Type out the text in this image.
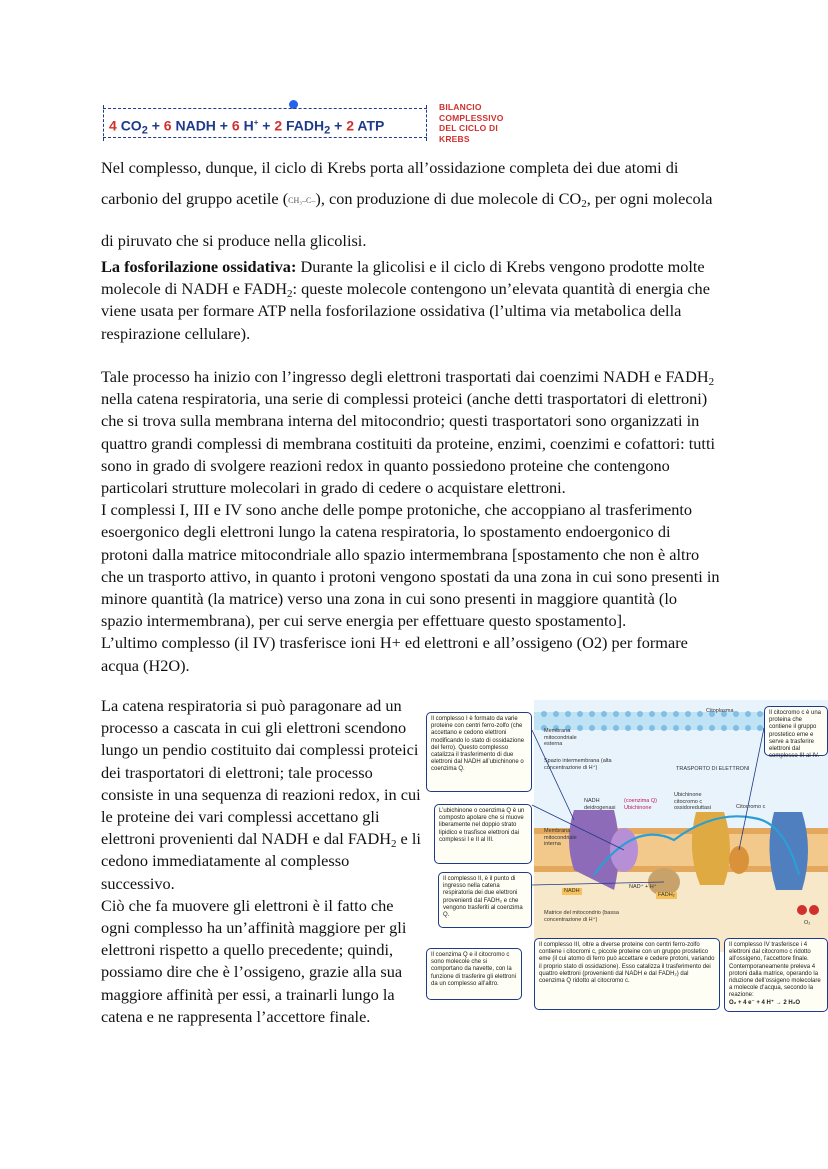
4 $CO_2 + 6$ NADH + 6 H+ + 2 $FADH_2 + 2$ ATP
BILANCIO COMPLESSIVO DEL CICLO DI KREBS

Nel complesso, dunque, il ciclo di Krebs porta all’ossidazione completa dei due atomi di
carbonio del gruppo acetile (CH₃–C–), con produzione di due molecole di $CO_2$, per ogni molecola di piruvato che si produce nella glicolisi.

La fosforilazione ossidativa: Durante la glicolisi e il ciclo di Krebs vengono prodotte molte molecole di NADH e $FADH_2$: queste molecole contengono un’elevata quantità di energia che viene usata per formare ATP nella fosforilazione ossidativa (l’ultima via metabolica della respirazione cellulare).

Tale processo ha inizio con l’ingresso degli elettroni trasportati dai coenzimi NADH e $FADH_2$ nella catena respiratoria, una serie di complessi proteici (anche detti trasportatori di elettroni) che si trova sulla membrana interna del mitocondrio; questi trasportatori sono organizzati in quattro grandi complessi di membrana costituiti da proteine, enzimi, coenzimi e cofattori: tutti sono in grado di svolgere reazioni redox in quanto possiedono proteine che contengono particolari strutture molecolari in grado di cedere o acquistare elettroni.
I complessi I, III e IV sono anche delle pompe protoniche, che accoppiano al trasferimento esoergonico degli elettroni lungo la catena respiratoria, lo spostamento endoergonico di protoni dalla matrice mitocondriale allo spazio intermembrana [spostamento che non è altro che un trasporto attivo, in quanto i protoni vengono spostati da una zona in cui sono presenti in minore quantità (la matrice) verso una zona in cui sono presenti in maggiore quantità (lo spazio intermembrana), per cui serve energia per effettuare questo spostamento].
L’ultimo complesso (il IV) trasferisce ioni H+ ed elettroni e all’ossigeno (O2) per formare acqua (H2O).

La catena respiratoria si può paragonare ad un processo a cascata in cui gli elettroni scendono lungo un pendio costituito dai complessi proteici dei trasportatori di elettroni; tale processo consiste in una sequenza di reazioni redox, in cui le proteine dei vari complessi accettano gli elettroni provenienti dal NADH e dal $FADH_2$ e li cedono immediatamente al complesso successivo.
Ciò che fa muovere gli elettroni è il fatto che ogni complesso ha un’affinità maggiore per gli elettroni rispetto a quello precedente; quindi, possiamo dire che è l’ossigeno, grazie alla sua maggiore affinità per essi, a trainarli lungo la catena e ne rappresenta l’accettore finale.
Citoplasma
Membrana mitocondriale esterna
Spazio intermembrana (alta concentrazione di H⁺)	TRASPORTO DI ELETTRONI
Membrana mitocondriale interna
Matrice del mitocondrio (bassa concentrazione di H⁺)
NADH
NAD⁺ + H⁺
FADH₂
(coenzima Q) Ubichinone	Citocromo c
Ubichinone citocromo c ossidoreduttasi
NADH deidrogenasi
O₂
Il complesso I è formato da varie proteine con centri ferro-zolfo (che accettano e cedono elettroni modificando lo stato di ossidazione del ferro). Questo complesso catalizza il trasferimento di due elettroni dal NADH all’ubichinone o coenzima Q.
L’ubichinone o coenzima Q è un composto apolare che si muove liberamente nel doppio strato lipidico e trasfisce elettroni dai complessi I e II al III.
Il complesso II, è il punto di ingresso nella catena respiratoria dei due elettroni provenienti dal FADH₂ e che vengono trasferiti al coenzima Q.
Il coenzima Q e il citocromo c sono molecole che si comportano da navette, con la funzione di trasferire gli elettroni da un complesso all’altro.
Il complesso III, oltre a diverse proteine con centri ferro-zolfo contiene i citocromi c, piccole proteine con un gruppo prostetico eme (il cui atomo di ferro può accettare e cedere protoni, variando il proprio stato di ossidazione). Esso catalizza il trasferimento dei quattro elettroni (provenienti dal NADH e dal FADH₂) dal coenzima Q ridotto al citocromo c.
Il complesso IV trasferisce i 4 elettroni dal citocromo c ridotto all’ossigeno, l’accettore finale. Contemporaneamente preleva 4 protoni dalla matrice, operando la riduzione dell’ossigeno molecolare a molecole d’acqua, secondo la reazione:
O₂ + 4 e⁻ + 4 H⁺ → 2 H₂O
Il citocromo c è una proteina che contiene il gruppo prostetico eme e serve a trasferire elettroni dal complesso III al IV.
